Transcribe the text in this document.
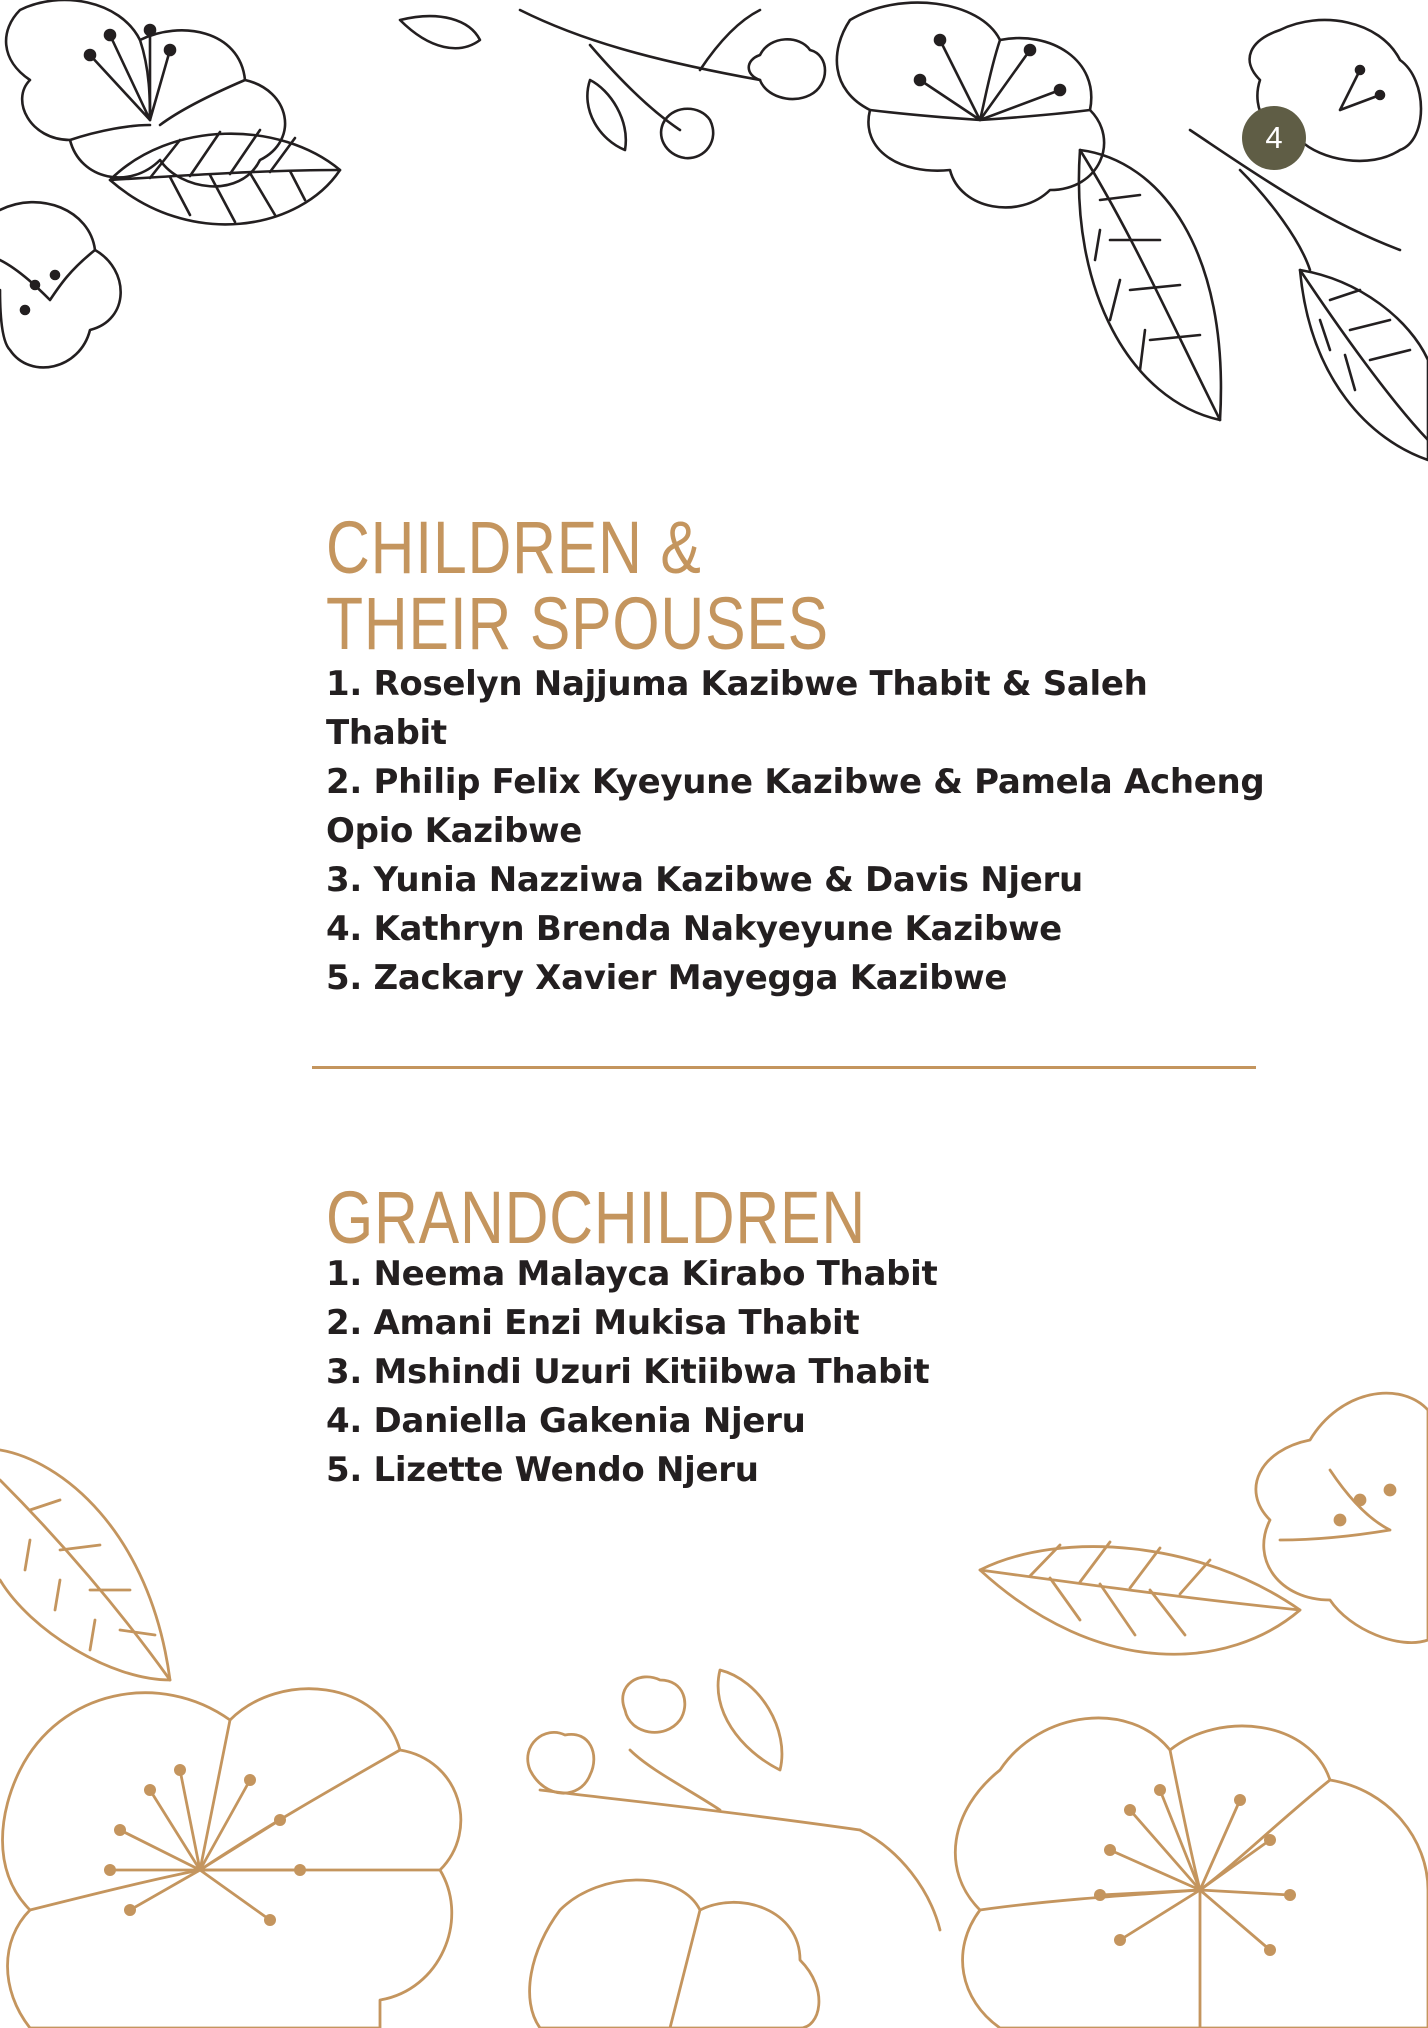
4
CHILDREN &
THEIR SPOUSES
1. Roselyn Najjuma Kazibwe Thabit & Saleh Thabit
2. Philip Felix Kyeyune Kazibwe & Pamela Acheng
Opio Kazibwe
3. Yunia Nazziwa Kazibwe & Davis Njeru
4. Kathryn Brenda Nakyeyune Kazibwe
5. Zackary Xavier Mayegga Kazibwe
GRANDCHILDREN
1. Neema Malayca Kirabo Thabit
2. Amani Enzi Mukisa Thabit
3. Mshindi Uzuri Kitiibwa Thabit
4. Daniella Gakenia Njeru
5. Lizette Wendo Njeru
